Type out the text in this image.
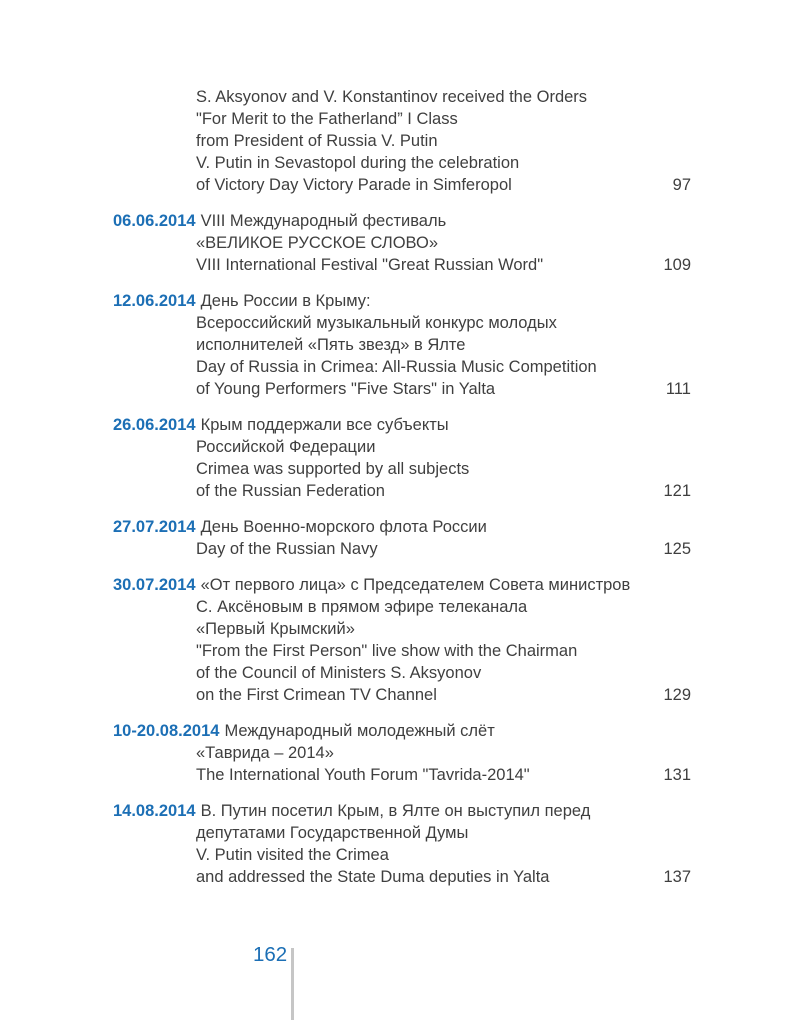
S. Aksyonov and V. Konstantinov received the Orders
"For Merit to the Fatherland” I Class
from President of Russia V. Putin
V. Putin in Sevastopol during the celebration
of Victory Day Victory Parade in Simferopol	97

06.06.2014 VIII Международный фестиваль
«ВЕЛИКОЕ РУССКОЕ СЛОВО»
VIII International Festival "Great Russian Word"	109

12.06.2014 День России в Крыму:
Всероссийский музыкальный конкурс молодых
исполнителей «Пять звезд» в Ялте
Day of Russia in Crimea: All-Russia Music Competition
of Young Performers "Five Stars" in Yalta	111

26.06.2014 Крым поддержали все субъекты
Российской Федерации
Crimea was supported by all subjects
of the Russian Federation	121

27.07.2014 День Военно-морского флота России
Day of the Russian Navy	125

30.07.2014 «От первого лица» с Председателем Совета министров
С. Аксёновым в прямом эфире телеканала
«Первый Крымский»
"From the First Person" live show with the Chairman
of the Council of Ministers S. Aksyonov
on the First Crimean TV Channel	129

10-20.08.2014 Международный молодежный слёт
«Таврида – 2014»
The International Youth Forum "Tavrida-2014"	131

14.08.2014 В. Путин посетил Крым, в Ялте он выступил перед
депутатами Государственной Думы
V. Putin visited the Crimea
and addressed the State Duma deputies in Yalta	137
162
